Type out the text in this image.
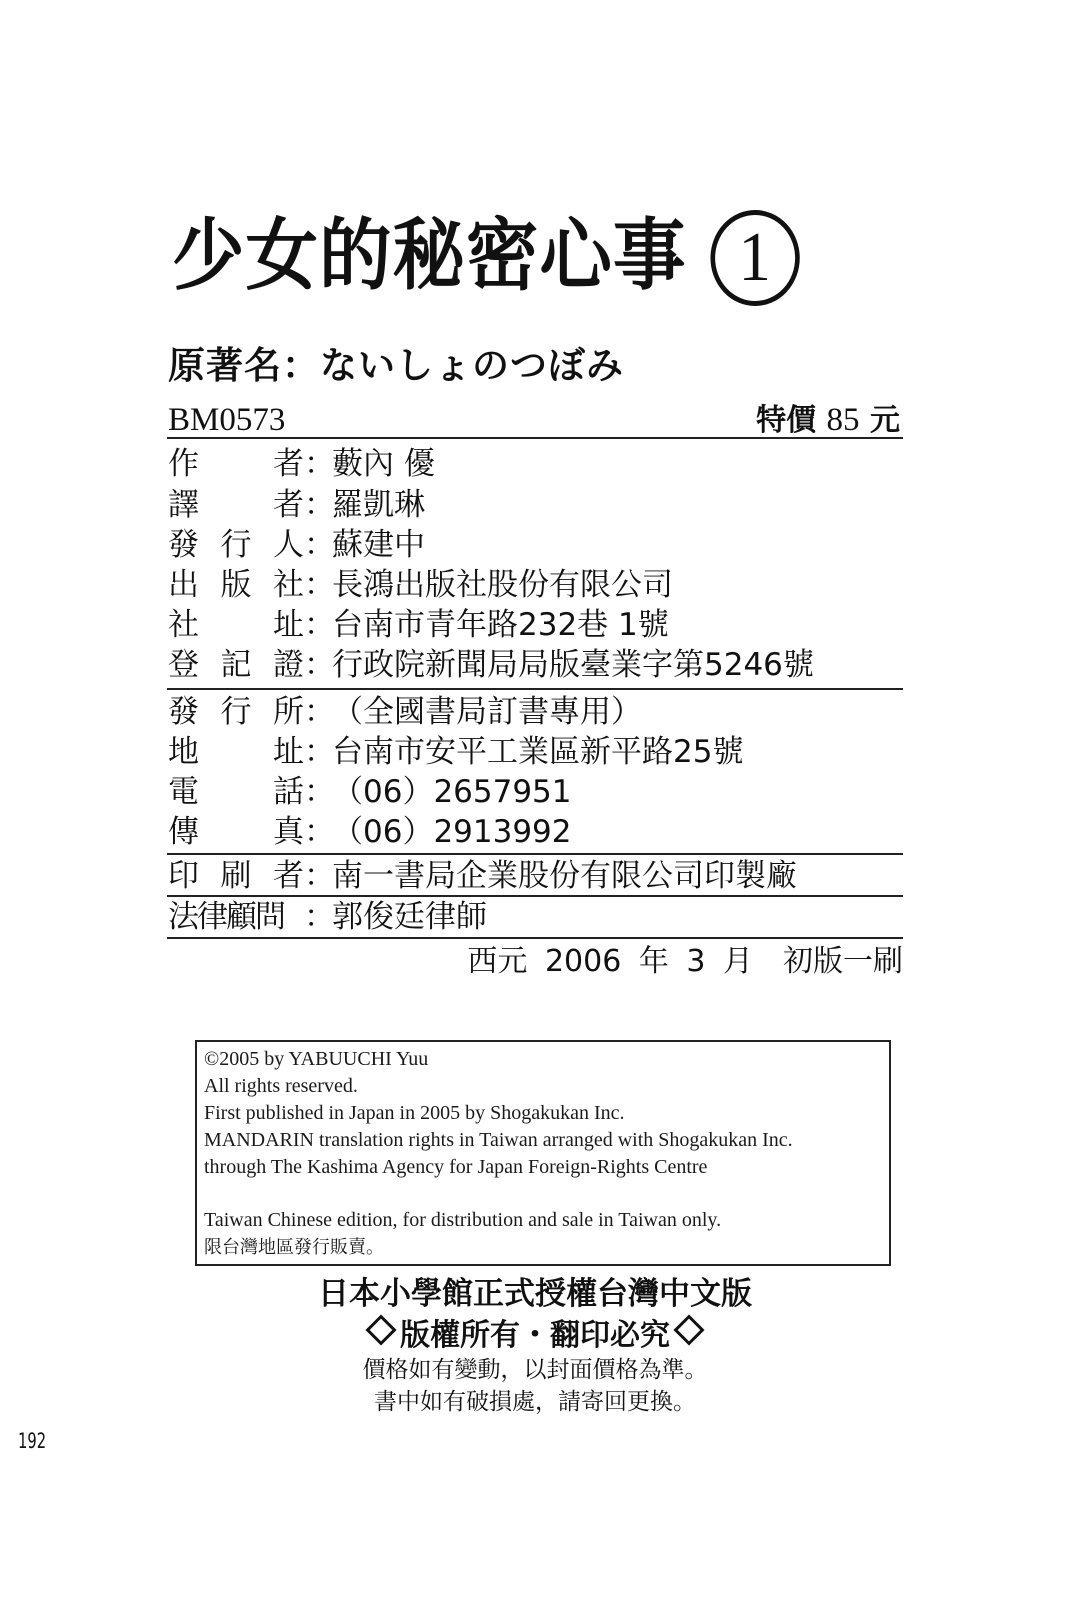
少女的秘密心事 1
原著名：ないしょのつぼみ
BM0573	特價 85 元
作 者 ：
藪內 優
譯 者 ：
羅凱琳
發 行 人 ：
蘇建中
出 版 社 ：
長鴻出版社股份有限公司
社 址 ：
台南市青年路232巷 1號
登 記 證 ：
行政院新聞局局版臺業字第5246號
發 行 所 ：
（全國書局訂書專用）
地 址 ：
台南市安平工業區新平路25號
電 話 ：
（06）2657951
傳 真 ：
（06）2913992
印 刷 者 ：
南一書局企業股份有限公司印製廠
法律顧問 ：
郭俊廷律師
西元 2006 年 3 月　初版一刷
©2005 by YABUUCHI Yuu
All rights reserved.
First published in Japan in 2005 by Shogakukan Inc.
MANDARIN translation rights in Taiwan arranged with Shogakukan Inc.
through The Kashima Agency for Japan Foreign-Rights Centre
Taiwan Chinese edition, for distribution and sale in Taiwan only.
限台灣地區發行販賣。
日本小學館正式授權台灣中文版
版權所有・翻印必究
價格如有變動，以封面價格為準。
書中如有破損處，請寄回更換。
192
